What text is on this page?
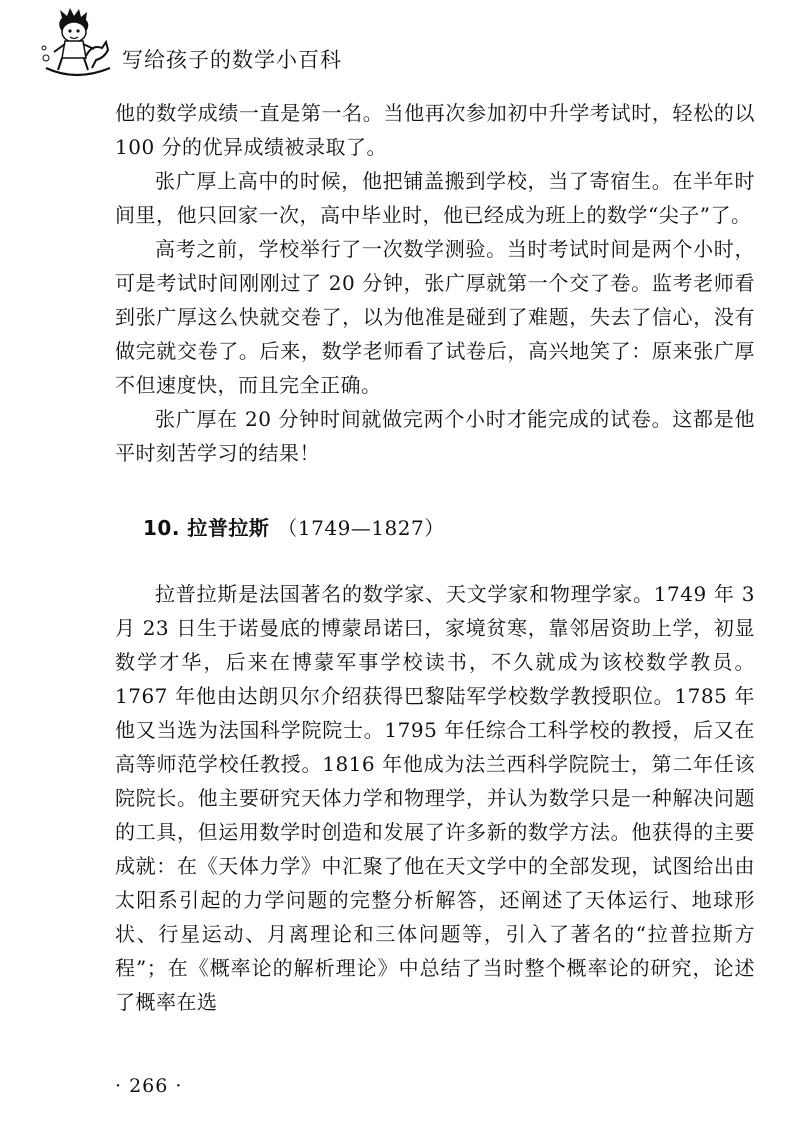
写给孩子的数学小百科

他的数学成绩一直是第一名。当他再次参加初中升学考试时，轻松的以100 分的优异成绩被录取了。

张广厚上高中的时候，他把铺盖搬到学校，当了寄宿生。在半年时间里，他只回家一次，高中毕业时，他已经成为班上的数学“尖子”了。

高考之前，学校举行了一次数学测验。当时考试时间是两个小时，可是考试时间刚刚过了 20 分钟，张广厚就第一个交了卷。监考老师看到张广厚这么快就交卷了，以为他准是碰到了难题，失去了信心，没有做完就交卷了。后来，数学老师看了试卷后，高兴地笑了：原来张广厚不但速度快，而且完全正确。

张广厚在 20 分钟时间就做完两个小时才能完成的试卷。这都是他平时刻苦学习的结果！

10. 拉普拉斯 （1749—1827）

拉普拉斯是法国著名的数学家、天文学家和物理学家。1749 年 3 月 23 日生于诺曼底的博蒙昂诺曰，家境贫寒，靠邻居资助上学，初显数学才华，后来在博蒙军事学校读书，不久就成为该校数学教员。1767 年他由达朗贝尔介绍获得巴黎陆军学校数学教授职位。1785 年他又当选为法国科学院院士。1795 年任综合工科学校的教授，后又在高等师范学校任教授。1816 年他成为法兰西科学院院士，第二年任该院院长。他主要研究天体力学和物理学，并认为数学只是一种解决问题的工具，但运用数学时创造和发展了许多新的数学方法。他获得的主要成就：在《天体力学》中汇聚了他在天文学中的全部发现，试图给出由太阳系引起的力学问题的完整分析解答，还阐述了天体运行、地球形状、行星运动、月离理论和三体问题等，引入了著名的“拉普拉斯方程”；在《概率论的解析理论》中总结了当时整个概率论的研究，论述了概率在选

· 266 ·
